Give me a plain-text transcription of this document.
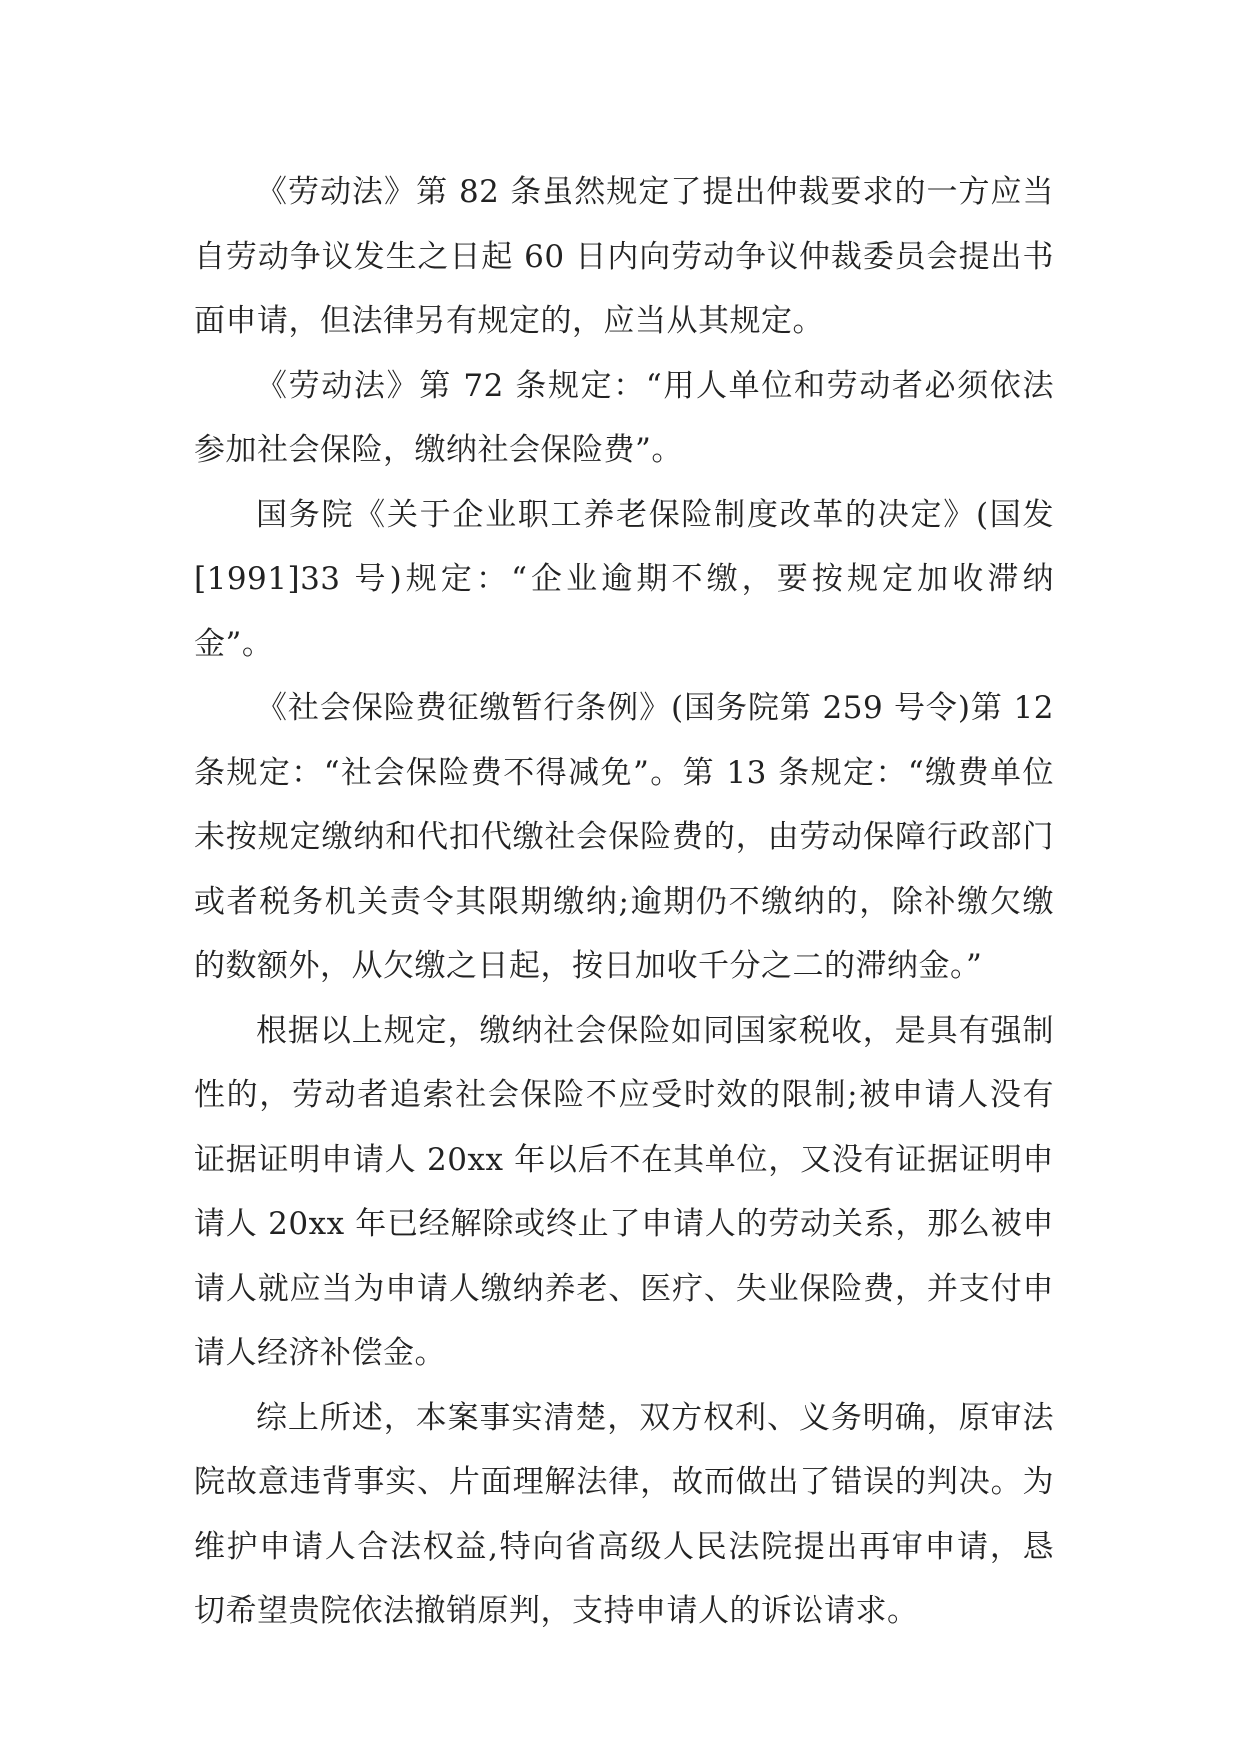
《劳动法》第 82 条虽然规定了提出仲裁要求的一方应当自劳动争议发生之日起 60 日内向劳动争议仲裁委员会提出书面申请，但法律另有规定的，应当从其规定。

《劳动法》第 72 条规定：“用人单位和劳动者必须依法参加社会保险，缴纳社会保险费”。

国务院《关于企业职工养老保险制度改革的决定》(国发[1991]33 号)规定：“企业逾期不缴，要按规定加收滞纳金”。

《社会保险费征缴暂行条例》(国务院第 259 号令)第 12 条规定：“社会保险费不得减免”。第 13 条规定：“缴费单位未按规定缴纳和代扣代缴社会保险费的，由劳动保障行政部门或者税务机关责令其限期缴纳;逾期仍不缴纳的，除补缴欠缴的数额外，从欠缴之日起，按日加收千分之二的滞纳金。”

根据以上规定，缴纳社会保险如同国家税收，是具有强制性的，劳动者追索社会保险不应受时效的限制;被申请人没有证据证明申请人 20xx 年以后不在其单位，又没有证据证明申请人 20xx 年已经解除或终止了申请人的劳动关系，那么被申请人就应当为申请人缴纳养老、医疗、失业保险费，并支付申请人经济补偿金。

综上所述，本案事实清楚，双方权利、义务明确，原审法院故意违背事实、片面理解法律，故而做出了错误的判决。为维护申请人合法权益,特向省高级人民法院提出再审申请，恳切希望贵院依法撤销原判，支持申请人的诉讼请求。
